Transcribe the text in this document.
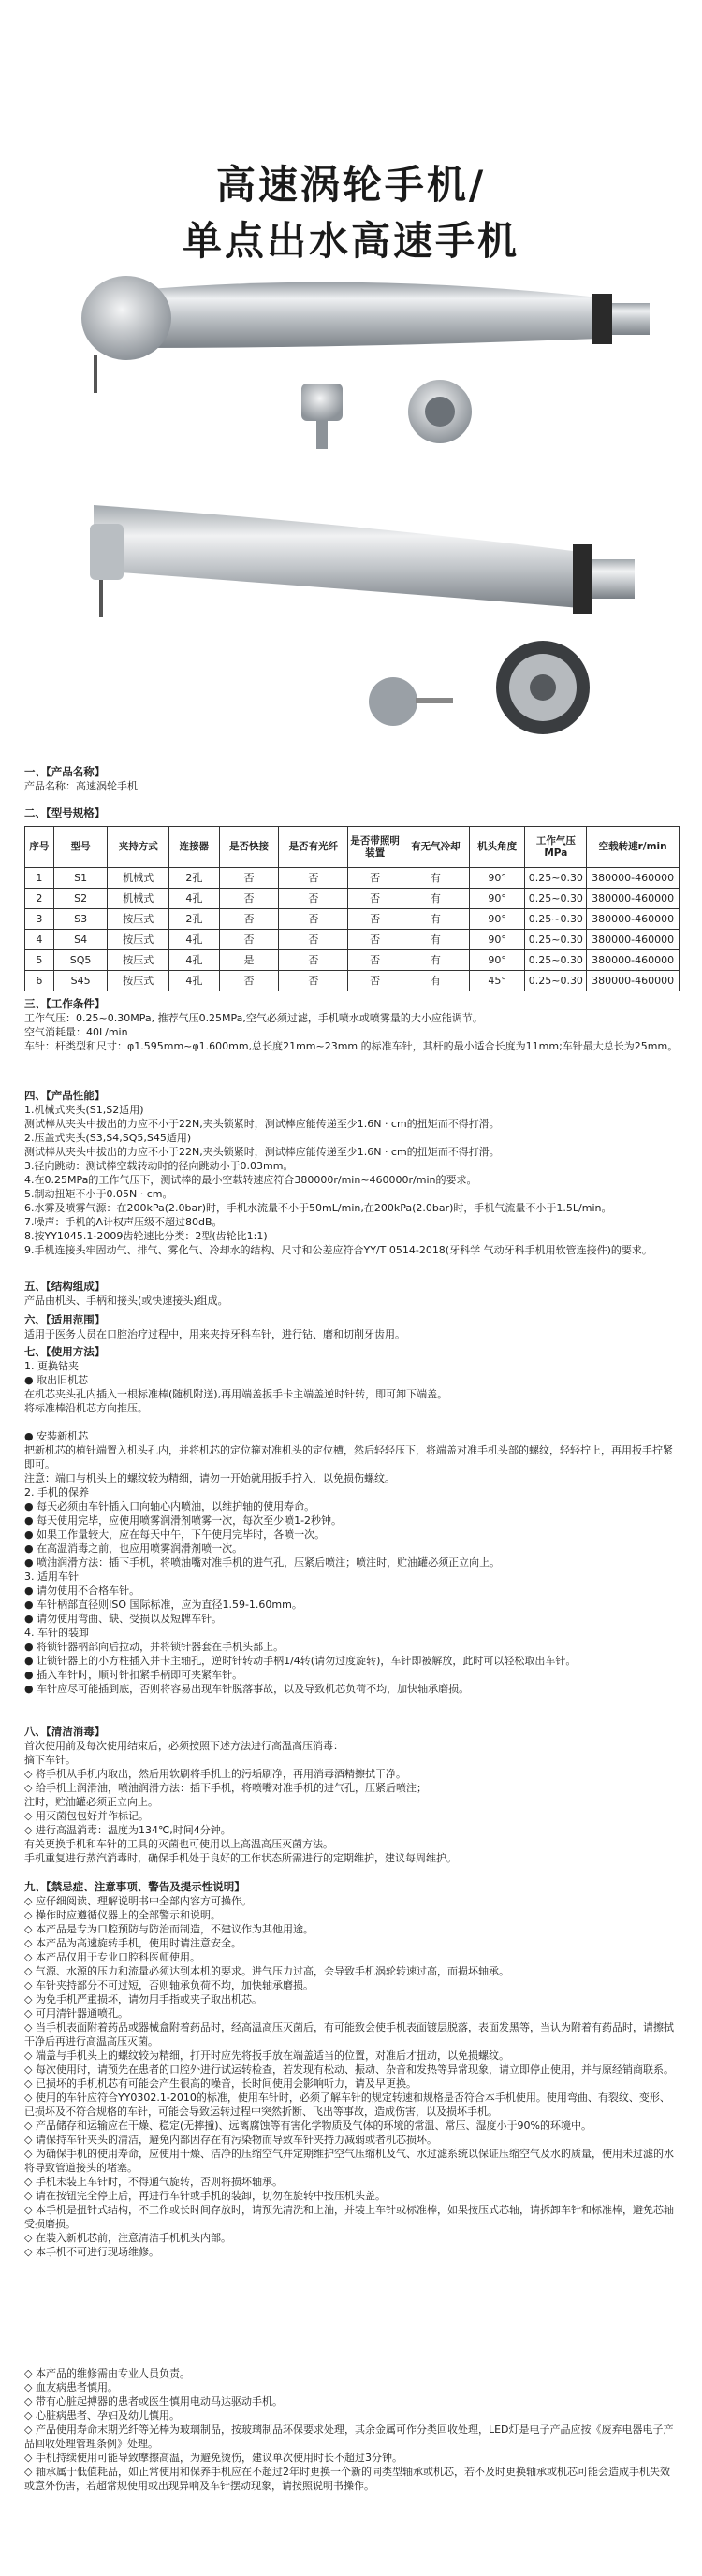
高速涡轮手机/
单点出水高速手机
一、【产品名称】
产品名称：高速涡轮手机
二、【型号规格】
序号	型号	夹持方式	连接器	是否快接	是否有光纤	是否带照明装置	有无气冷却	机头角度	工作气压MPa	空载转速r/min
1	S1	机械式	2孔	否	否	否	有	90°	0.25~0.30	380000-460000
2	S2	机械式	4孔	否	否	否	有	90°	0.25~0.30	380000-460000
3	S3	按压式	2孔	否	否	否	有	90°	0.25~0.30	380000-460000
4	S4	按压式	4孔	否	否	否	有	90°	0.25~0.30	380000-460000
5	SQ5	按压式	4孔	是	否	否	有	90°	0.25~0.30	380000-460000
6	S45	按压式	4孔	否	否	否	有	45°	0.25~0.30	380000-460000
三、【工作条件】
工作气压：0.25~0.30MPa, 推荐气压0.25MPa,空气必须过滤，手机喷水或喷雾量的大小应能调节。
空气消耗量：40L/min
车针：杆类型和尺寸：φ1.595mm~φ1.600mm,总长度21mm~23mm 的标准车针，其杆的最小适合长度为11mm;车针最大总长为25mm。
四、【产品性能】
1.机械式夹头(S1,S2适用)
测试棒从夹头中拔出的力应不小于22N,夹头锁紧时，测试棒应能传递至少1.6N · cm的扭矩而不得打滑。
2.压盖式夹头(S3,S4,SQ5,S45适用)
测试棒从夹头中拔出的力应不小于22N,夹头锁紧时，测试棒应能传递至少1.6N · cm的扭矩而不得打滑。
3.径向跳动：测试棒空载转动时的径向跳动小于0.03mm。
4.在0.25MPa的工作气压下，测试棒的最小空载转速应符合380000r/min~460000r/min的要求。
5.制动扭矩不小于0.05N · cm。
6.水雾及喷雾气源：在200kPa(2.0bar)时，手机水流量不小于50mL/min,在200kPa(2.0bar)时，手机气流量不小于1.5L/min。
7.噪声：手机的A计权声压级不超过80dB。
8.按YY1045.1-2009齿轮速比分类：2型(齿轮比1:1)
9.手机连接头牢固动气、排气、雾化气、冷却水的结构、尺寸和公差应符合YY/T 0514-2018(牙科学 气动牙科手机用软管连接件)的要求。
五、【结构组成】
产品由机头、手柄和接头(或快速接头)组成。
六、【适用范围】
适用于医务人员在口腔治疗过程中，用来夹持牙科车针，进行钻、磨和切削牙齿用。
七、【使用方法】
1. 更换钻夹
● 取出旧机芯
在机芯夹头孔内插入一根标准棒(随机附送),再用端盖扳手卡主端盖逆时针转，即可卸下端盖。
将标准棒沿机芯方向推压。
● 安装新机芯
把新机芯的植针端置入机头孔内，并将机芯的定位箍对准机头的定位槽，然后轻轻压下，将端盖对准手机头部的螺纹，轻轻拧上，再用扳手拧紧即可。
注意：端口与机头上的螺纹较为精细，请勿一开始就用扳手拧入，以免损伤螺纹。
2. 手机的保养
● 每天必须由车针插入口向轴心内喷油，以维护轴的使用寿命。
● 每天使用完毕，应使用喷雾润滑剂喷雾一次，每次至少喷1-2秒钟。
● 如果工作量较大，应在每天中午，下午使用完毕时，各喷一次。
● 在高温消毒之前，也应用喷雾润滑剂喷一次。
● 喷油润滑方法：插下手机，将喷油嘴对准手机的进气孔，压紧后喷注；喷注时，贮油罐必须正立向上。
3. 适用车针
● 请勿使用不合格车针。
● 车针柄部直径则ISO 国际标准，应为直径1.59-1.60mm。
● 请勿使用弯曲、缺、受损以及短牌车针。
4. 车针的装卸
● 将锁针器柄部向后拉动，并将锁针器套在手机头部上。
● 让锁针器上的小方柱插入并卡主轴孔，逆时针转动手柄1/4转(请勿过度旋转)，车针即被解放，此时可以轻松取出车针。
● 插入车针时，顺时针扣紧手柄即可夹紧车针。
● 车针应尽可能插到底，否则将容易出现车针脱落事故，以及导致机芯负荷不均，加快轴承磨损。
八、【清洁消毒】
首次使用前及每次使用结束后，必须按照下述方法进行高温高压消毒：
摘下车针。
◇ 将手机从手机内取出，然后用软刷将手机上的污垢刷净，再用消毒酒精擦拭干净。
◇ 给手机上润滑油，喷油润滑方法：插下手机，将喷嘴对准手机的进气孔，压紧后喷注；
注时，贮油罐必须正立向上。
◇ 用灭菌包包好并作标记。
◇ 进行高温消毒：温度为134℃,时间4分钟。
有关更换手机和车针的工具的灭菌也可使用以上高温高压灭菌方法。
手机重复进行蒸汽消毒时，确保手机处于良好的工作状态所需进行的定期维护，建议每周维护。
九、【禁忌症、注意事项、警告及提示性说明】
◇ 应仔细阅读、理解说明书中全部内容方可操作。
◇ 操作时应遵循仪器上的全部警示和说明。
◇ 本产品是专为口腔预防与防治而制造，不建议作为其他用途。
◇ 本产品为高速旋转手机，使用时请注意安全。
◇ 本产品仅用于专业口腔科医师使用。
◇ 气源、水源的压力和流量必须达到本机的要求。进气压力过高，会导致手机涡轮转速过高，而损坏轴承。
◇ 车针夹持部分不可过短，否则轴承负荷不均，加快轴承磨损。
◇ 为免手机严重损坏，请勿用手指或夹子取出机芯。
◇ 可用清针器通喷孔。
◇ 当手机表面附着药品或器械盒附着药品时，经高温高压灭菌后，有可能致会使手机表面镀层脱落，表面发黑等，当认为附着有药品时，请擦拭干净后再进行高温高压灭菌。
◇ 端盖与手机头上的螺纹较为精细，打开时应先将扳手放在端盖适当的位置，对准后才扭动，以免损螺纹。
◇ 每次使用时，请预先在患者的口腔外进行试运转检查，若发现有松动、振动、杂音和发热等异常现象，请立即停止使用，并与原经销商联系。
◇ 已损坏的手机机芯有可能会产生很高的噪音，长时间使用会影响听力，请及早更换。
◇ 使用的车针应符合YY0302.1-2010的标准，使用车针时，必须了解车针的规定转速和规格是否符合本手机使用。使用弯曲、有裂纹、变形、已损坏及不符合规格的车针，可能会导致运转过程中突然折断、飞出等事故，造成伤害，以及损坏手机。
◇ 产品储存和运输应在干燥、稳定(无摔撞)、远离腐蚀等有害化学物质及气体的环境的常温、常压、湿度小于90%的环境中。
◇ 请保持车针夹头的清洁，避免内部因存在有污染物而导致车针夹持力减弱或者机芯损坏。
◇ 为确保手机的使用寿命，应使用干燥、洁净的压缩空气并定期维护空气压缩机及气、水过滤系统以保证压缩空气及水的质量，使用未过滤的水将导致管道接头的堵塞。
◇ 手机未装上车针时，不得通气旋转，否则将损坏轴承。
◇ 请在按钮完全停止后，再进行车针或手机的装卸，切勿在旋转中按压机头盖。
◇ 本手机是扭针式结构，不工作或长时间存放时，请预先清洗和上油，并装上车针或标准棒，如果按压式芯轴，请拆卸车针和标准棒，避免芯轴受损磨损。
◇ 在装入新机芯前，注意清洁手机机头内部。
◇ 本手机不可进行现场维修。
◇ 本产品的维修需由专业人员负责。
◇ 血友病患者慎用。
◇ 带有心脏起搏器的患者或医生慎用电动马达驱动手机。
◇ 心脏病患者、孕妇及幼儿慎用。
◇ 产品使用寿命末期光纤等光棒为玻璃制品，按玻璃制品环保要求处理，其余金属可作分类回收处理，LED灯是电子产品应按《废弃电器电子产品回收处理管理条例》处理。
◇ 手机持续使用可能导致摩擦高温，为避免烫伤，建议单次使用时长不超过3分钟。
◇ 轴承属于低值耗品，如正常使用和保养手机应在不超过2年时更换一个新的同类型轴承或机芯，若不及时更换轴承或机芯可能会造成手机失效或意外伤害，若超常规使用或出现异响及车针摆动现象，请按照说明书操作。
